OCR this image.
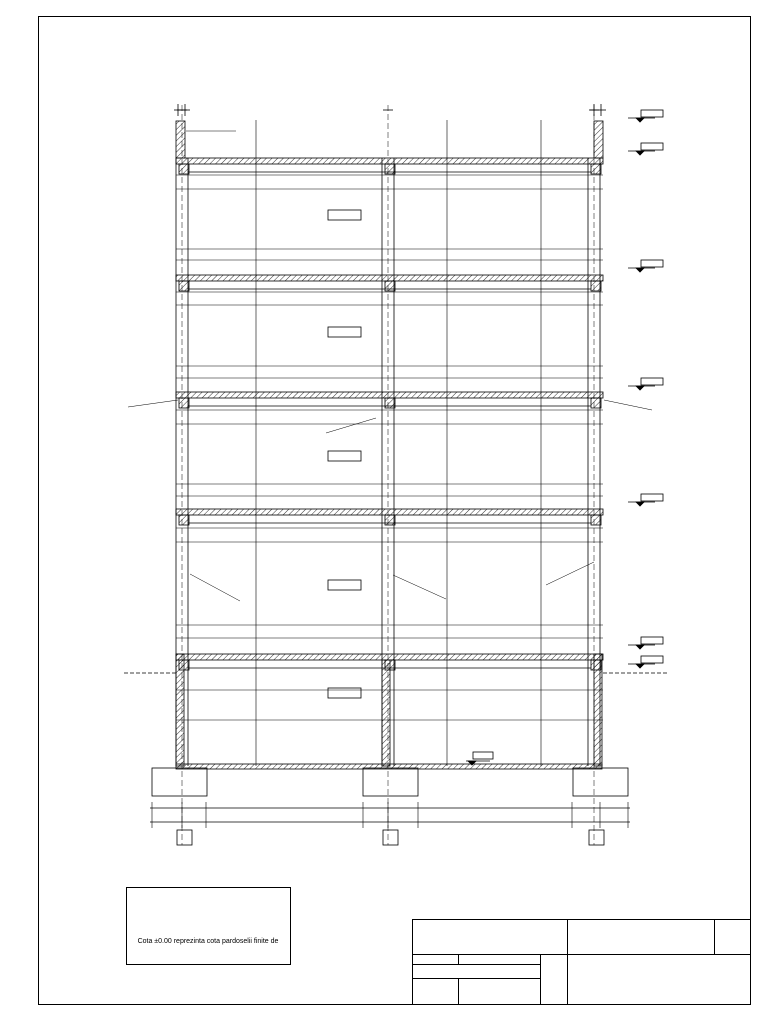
Cota ±0.00 reprezinta cota pardoselii finite de
